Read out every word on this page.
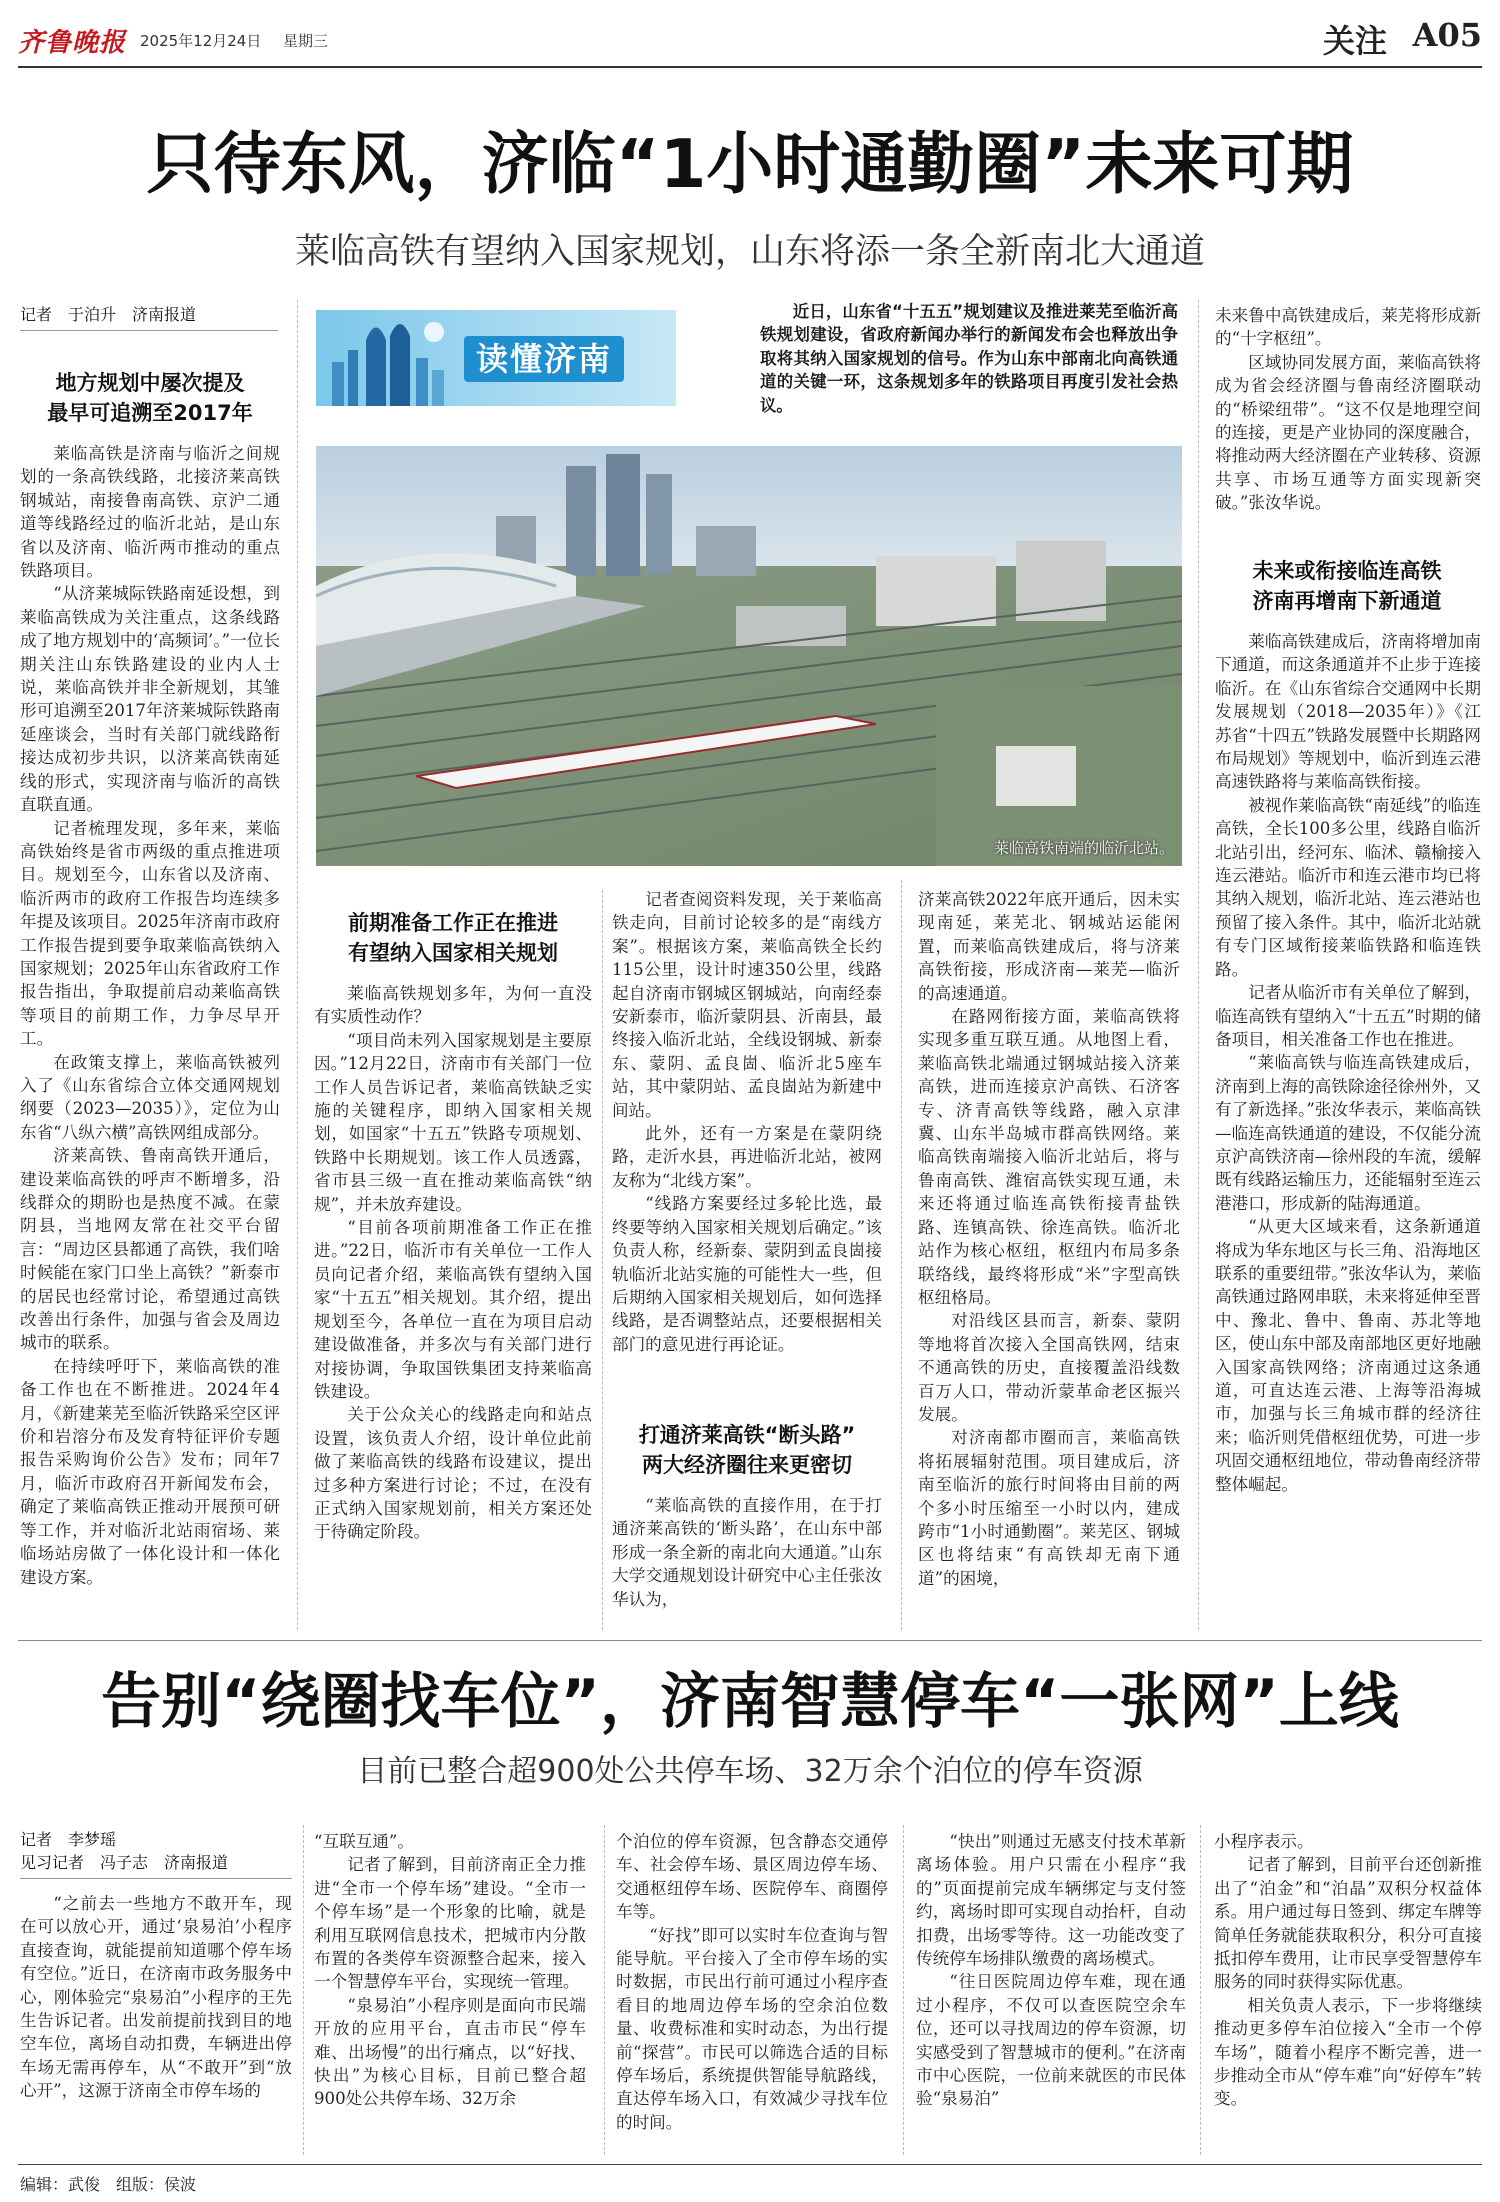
齐鲁晚报 2025年12月24日 星期三	关注 A05
只待东风，济临“1小时通勤圈”未来可期
莱临高铁有望纳入国家规划，山东将添一条全新南北大通道
记者　于泊升　济南报道
地方规划中屡次提及
最早可追溯至2017年

莱临高铁是济南与临沂之间规划的一条高铁线路，北接济莱高铁钢城站，南接鲁南高铁、京沪二通道等线路经过的临沂北站，是山东省以及济南、临沂两市推动的重点铁路项目。

“从济莱城际铁路南延设想，到莱临高铁成为关注重点，这条线路成了地方规划中的‘高频词’。”一位长期关注山东铁路建设的业内人士说，莱临高铁并非全新规划，其雏形可追溯至2017年济莱城际铁路南延座谈会，当时有关部门就线路衔接达成初步共识，以济莱高铁南延线的形式，实现济南与临沂的高铁直联直通。

记者梳理发现，多年来，莱临高铁始终是省市两级的重点推进项目。规划至今，山东省以及济南、临沂两市的政府工作报告均连续多年提及该项目。2025年济南市政府工作报告提到要争取莱临高铁纳入国家规划；2025年山东省政府工作报告指出，争取提前启动莱临高铁等项目的前期工作，力争尽早开工。

在政策支撑上，莱临高铁被列入了《山东省综合立体交通网规划纲要（2023—2035）》，定位为山东省“八纵六横”高铁网组成部分。

济莱高铁、鲁南高铁开通后，建设莱临高铁的呼声不断增多，沿线群众的期盼也是热度不减。在蒙阴县，当地网友常在社交平台留言：“周边区县都通了高铁，我们啥时候能在家门口坐上高铁？”新泰市的居民也经常讨论，希望通过高铁改善出行条件，加强与省会及周边城市的联系。

在持续呼吁下，莱临高铁的准备工作也在不断推进。2024年4月，《新建莱芜至临沂铁路采空区评价和岩溶分布及发育特征评价专题报告采购询价公告》发布；同年7月，临沂市政府召开新闻发布会，确定了莱临高铁正推动开展预可研等工作，并对临沂北站雨宿场、莱临场站房做了一体化设计和一体化建设方案。

读懂济南
近日，山东省“十五五”规划建议及推进莱芜至临沂高铁规划建设，省政府新闻办举行的新闻发布会也释放出争取将其纳入国家规划的信号。作为山东中部南北向高铁通道的关键一环，这条规划多年的铁路项目再度引发社会热议。
莱临高铁南端的临沂北站。
前期准备工作正在推进
有望纳入国家相关规划

莱临高铁规划多年，为何一直没有实质性动作？

“项目尚未列入国家规划是主要原因。”12月22日，济南市有关部门一位工作人员告诉记者，莱临高铁缺乏实施的关键程序，即纳入国家相关规划，如国家“十五五”铁路专项规划、铁路中长期规划。该工作人员透露，省市县三级一直在推动莱临高铁“纳规”，并未放弃建设。

“目前各项前期准备工作正在推进。”22日，临沂市有关单位一工作人员向记者介绍，莱临高铁有望纳入国家“十五五”相关规划。其介绍，提出规划至今，各单位一直在为项目启动建设做准备，并多次与有关部门进行对接协调，争取国铁集团支持莱临高铁建设。

关于公众关心的线路走向和站点设置，该负责人介绍，设计单位此前做了莱临高铁的线路布设建议，提出过多种方案进行讨论；不过，在没有正式纳入国家规划前，相关方案还处于待确定阶段。

记者查阅资料发现，关于莱临高铁走向，目前讨论较多的是“南线方案”。根据该方案，莱临高铁全长约115公里，设计时速350公里，线路起自济南市钢城区钢城站，向南经泰安新泰市，临沂蒙阴县、沂南县，最终接入临沂北站，全线设钢城、新泰东、蒙阴、孟良崮、临沂北5座车站，其中蒙阴站、孟良崮站为新建中间站。

此外，还有一方案是在蒙阴绕路，走沂水县，再进临沂北站，被网友称为“北线方案”。

“线路方案要经过多轮比选，最终要等纳入国家相关规划后确定。”该负责人称，经新泰、蒙阴到孟良崮接轨临沂北站实施的可能性大一些，但后期纳入国家相关规划后，如何选择线路，是否调整站点，还要根据相关部门的意见进行再论证。

打通济莱高铁“断头路”
两大经济圈往来更密切

“莱临高铁的直接作用，在于打通济莱高铁的‘断头路’，在山东中部形成一条全新的南北向大通道。”山东大学交通规划设计研究中心主任张汝华认为，

济莱高铁2022年底开通后，因未实现南延，莱芜北、钢城站运能闲置，而莱临高铁建成后，将与济莱高铁衔接，形成济南—莱芜—临沂的高速通道。

在路网衔接方面，莱临高铁将实现多重互联互通。从地图上看，莱临高铁北端通过钢城站接入济莱高铁，进而连接京沪高铁、石济客专、济青高铁等线路，融入京津冀、山东半岛城市群高铁网络。莱临高铁南端接入临沂北站后，将与鲁南高铁、潍宿高铁实现互通，未来还将通过临连高铁衔接青盐铁路、连镇高铁、徐连高铁。临沂北站作为核心枢纽，枢纽内布局多条联络线，最终将形成“米”字型高铁枢纽格局。

对沿线区县而言，新泰、蒙阴等地将首次接入全国高铁网，结束不通高铁的历史，直接覆盖沿线数百万人口，带动沂蒙革命老区振兴发展。

对济南都市圈而言，莱临高铁将拓展辐射范围。项目建成后，济南至临沂的旅行时间将由目前的两个多小时压缩至一小时以内，建成跨市“1小时通勤圈”。莱芜区、钢城区也将结束“有高铁却无南下通道”的困境，

未来鲁中高铁建成后，莱芜将形成新的“十字枢纽”。

区域协同发展方面，莱临高铁将成为省会经济圈与鲁南经济圈联动的“桥梁纽带”。“这不仅是地理空间的连接，更是产业协同的深度融合，将推动两大经济圈在产业转移、资源共享、市场互通等方面实现新突破。”张汝华说。

未来或衔接临连高铁
济南再增南下新通道

莱临高铁建成后，济南将增加南下通道，而这条通道并不止步于连接临沂。在《山东省综合交通网中长期发展规划（2018—2035年）》《江苏省“十四五”铁路发展暨中长期路网布局规划》等规划中，临沂到连云港高速铁路将与莱临高铁衔接。

被视作莱临高铁“南延线”的临连高铁，全长100多公里，线路自临沂北站引出，经河东、临沭、赣榆接入连云港站。临沂市和连云港市均已将其纳入规划，临沂北站、连云港站也预留了接入条件。其中，临沂北站就有专门区域衔接莱临铁路和临连铁路。

记者从临沂市有关单位了解到，临连高铁有望纳入“十五五”时期的储备项目，相关准备工作也在推进。

“莱临高铁与临连高铁建成后，济南到上海的高铁除途径徐州外，又有了新选择。”张汝华表示，莱临高铁—临连高铁通道的建设，不仅能分流京沪高铁济南—徐州段的车流，缓解既有线路运输压力，还能辐射至连云港港口，形成新的陆海通道。

“从更大区域来看，这条新通道将成为华东地区与长三角、沿海地区联系的重要纽带。”张汝华认为，莱临高铁通过路网串联，未来将延伸至晋中、豫北、鲁中、鲁南、苏北等地区，使山东中部及南部地区更好地融入国家高铁网络；济南通过这条通道，可直达连云港、上海等沿海城市，加强与长三角城市群的经济往来；临沂则凭借枢纽优势，可进一步巩固交通枢纽地位，带动鲁南经济带整体崛起。

告别“绕圈找车位”，济南智慧停车“一张网”上线
目前已整合超900处公共停车场、32万余个泊位的停车资源
记者　李梦瑶
见习记者　冯子志　济南报道

“之前去一些地方不敢开车，现在可以放心开，通过‘泉易泊’小程序直接查询，就能提前知道哪个停车场有空位。”近日，在济南市政务服务中心，刚体验完“泉易泊”小程序的王先生告诉记者。出发前提前找到目的地空车位，离场自动扣费，车辆进出停车场无需再停车，从“不敢开”到“放心开”，这源于济南全市停车场的

“互联互通”。

记者了解到，目前济南正全力推进“全市一个停车场”建设。“全市一个停车场”是一个形象的比喻，就是利用互联网信息技术，把城市内分散布置的各类停车资源整合起来，接入一个智慧停车平台，实现统一管理。

“泉易泊”小程序则是面向市民端开放的应用平台，直击市民“停车难、出场慢”的出行痛点，以“好找、快出”为核心目标，目前已整合超900处公共停车场、32万余

个泊位的停车资源，包含静态交通停车、社会停车场、景区周边停车场、交通枢纽停车场、医院停车、商圈停车等。

“好找”即可以实时车位查询与智能导航。平台接入了全市停车场的实时数据，市民出行前可通过小程序查看目的地周边停车场的空余泊位数量、收费标准和实时动态，为出行提前“探营”。市民可以筛选合适的目标停车场后，系统提供智能导航路线，直达停车场入口，有效减少寻找车位的时间。

“快出”则通过无感支付技术革新离场体验。用户只需在小程序“我的”页面提前完成车辆绑定与支付签约，离场时即可实现自动抬杆，自动扣费，出场零等待。这一功能改变了传统停车场排队缴费的离场模式。

“往日医院周边停车难，现在通过小程序，不仅可以查医院空余车位，还可以寻找周边的停车资源，切实感受到了智慧城市的便利。”在济南市中心医院，一位前来就医的市民体验“泉易泊”

小程序表示。

记者了解到，目前平台还创新推出了“泊金”和“泊晶”双积分权益体系。用户通过每日签到、绑定车牌等简单任务就能获取积分，积分可直接抵扣停车费用，让市民享受智慧停车服务的同时获得实际优惠。

相关负责人表示，下一步将继续推动更多停车泊位接入“全市一个停车场”，随着小程序不断完善，进一步推动全市从“停车难”向“好停车”转变。

编辑：武俊　组版：侯波
